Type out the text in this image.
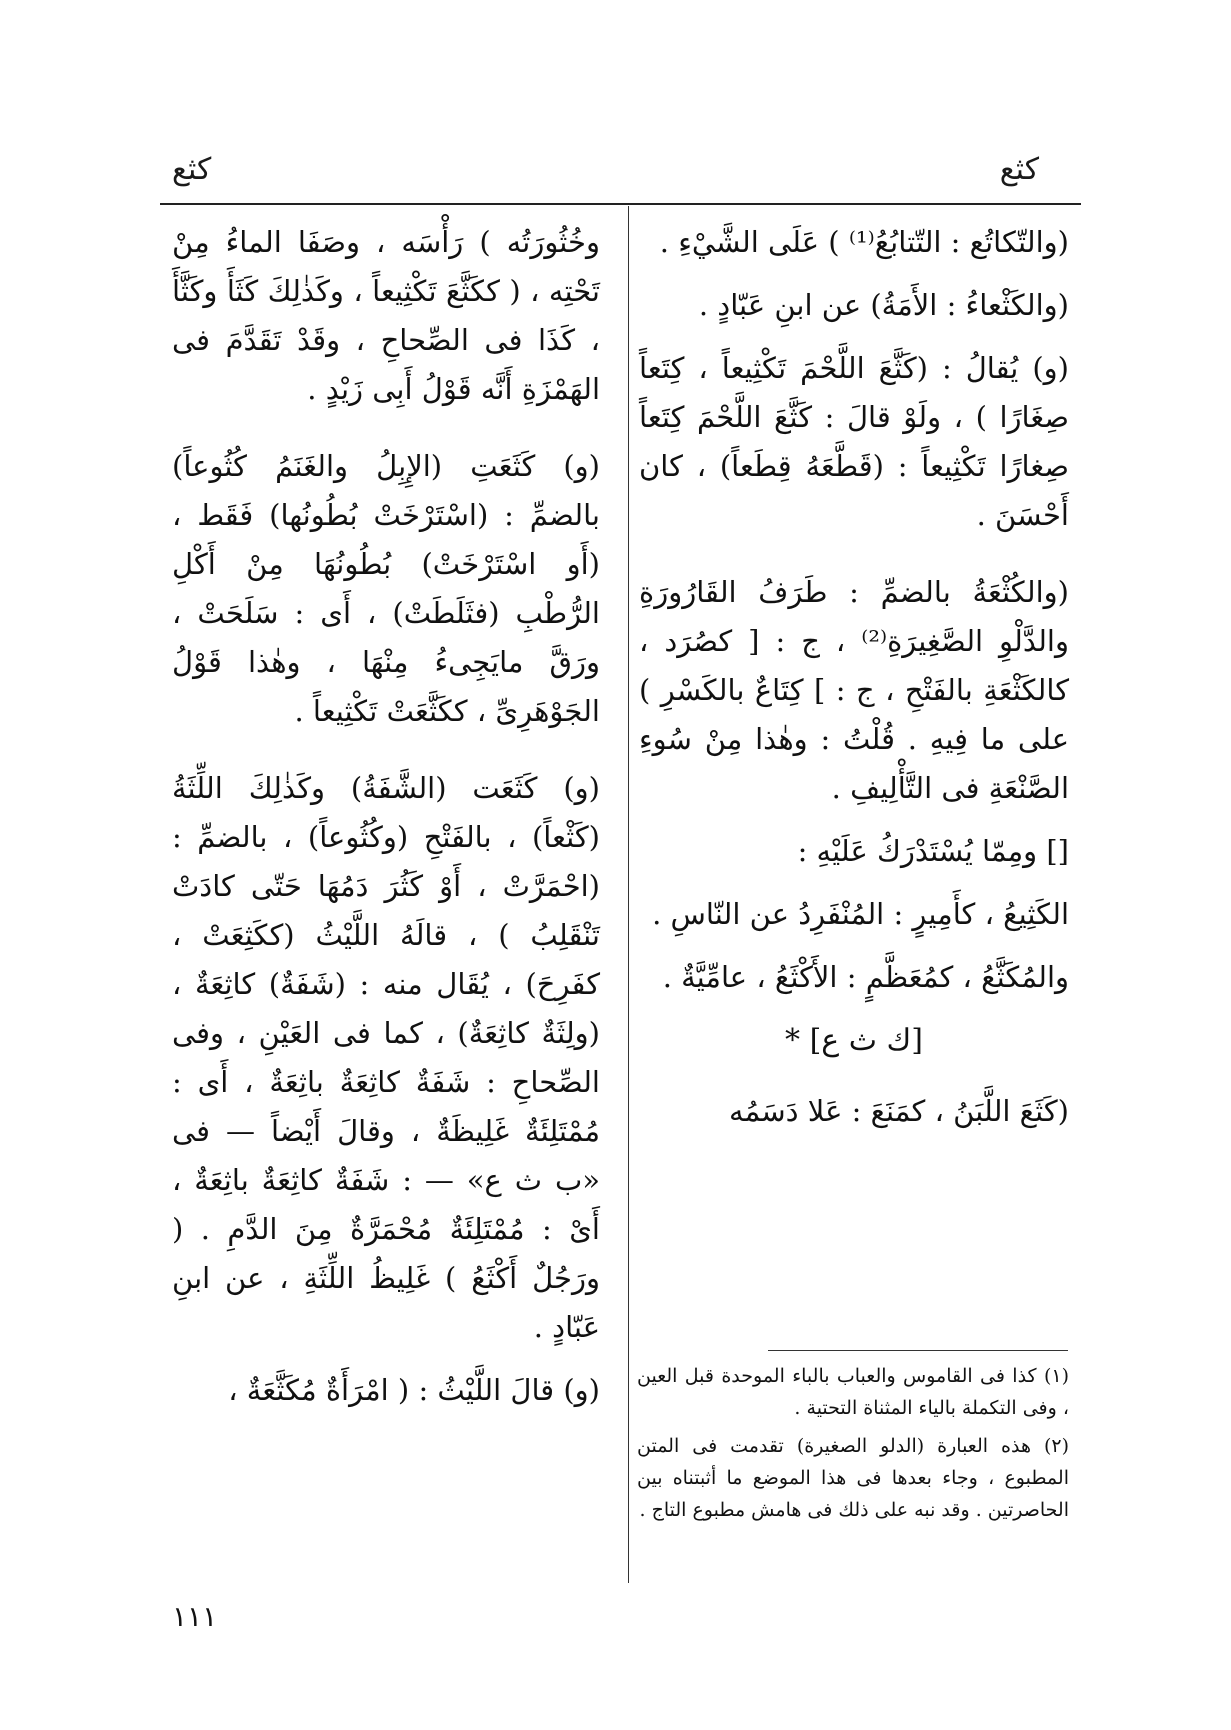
كثع
كثع

(والتّكاتُع : التّتابُعُ⁽¹⁾ ) عَلَى الشَّيْءِ .

(والكَثْعاءُ : الأَمَةُ) عن ابنِ عَبّادٍ .

(و) يُقالُ : (كَثَّعَ اللَّحْمَ تَكْثِيعاً ، كِتَعاً صِغَارًا ) ، ولَوْ قالَ : كَثَّعَ اللَّحْمَ كِتَعاً صِغارًا تَكْثِيعاً : (قَطَّعَهُ قِطَعاً) ، كان أَحْسَنَ .

(والكُثْعَةُ بالضمِّ : طَرَفُ القَارُورَةِ والدَّلْوِ الصَّغِيرَةِ⁽²⁾ ، ج : [ كصُرَد ، كالكَثْعَةِ بالفَتْحِ ، ج : ] كِتَاعٌ بالكَسْرِ ) على ما فِيهِ . قُلْتُ : وهٰذا مِنْ سُوءِ الصَّنْعَةِ فى التَّأْلِيفِ .

[] ومِمّا يُسْتَدْرَكُ عَلَيْهِ :

الكَثِيعُ ، كأَمِيرٍ : المُنْفَرِدُ عن النّاسِ .

والمُكَثَّعُ ، كمُعَظَّمٍ : الأَكْثَعُ ، عامِّيَّةٌ .

[ك ث ع] *

(كَثَعَ اللَّبَنُ ، كمَنَعَ : عَلا دَسَمُه

وخُثُورَتُه ) رَأْسَه ، وصَفَا الماءُ مِنْ تَحْتِه ، ( ككَثَّعَ تَكْثِيعاً ، وكَذٰلِكَ كَثَأَ وكَثَّأَ ، كَذَا فى الصِّحاحِ ، وقَدْ تَقَدَّمَ فى الهَمْزَةِ أَنَّه قَوْلُ أَبِى زَيْدٍ .

(و) كَثَعَتِ (الإِبِلُ والغَنَمُ كُثُوعاً) بالضمِّ : (اسْتَرْخَتْ بُطُونُها) فَقَط ، (أَو اسْتَرْخَتْ) بُطُونُهَا مِنْ أَكْلِ الرُّطْبِ (فثَلَطَتْ) ، أَى : سَلَحَتْ ، ورَقَّ مايَجِىءُ مِنْهَا ، وهٰذا قَوْلُ الجَوْهَرِىِّ ، ككَثَّعَتْ تَكْثِيعاً .

(و) كَثَعَت (الشَّفَةُ) وكَذٰلِكَ اللِّثَةُ (كَثْعاً) ، بالفَتْحِ (وكُثُوعاً) ، بالضمِّ : (احْمَرَّتْ ، أَوْ كَثُرَ دَمُهَا حَتّى كادَتْ تَنْقَلِبُ ) ، قالَهُ اللَّيْثُ (ككَثِعَتْ ، كفَرِحَ) ، يُقَال منه : (شَفَةٌ) كاثِعَةٌ ، (ولِثَةٌ كاثِعَةٌ) ، كما فى العَيْنِ ، وفى الصِّحاحِ : شَفَةٌ كاثِعَةٌ باثِعَةٌ ، أَى : مُمْتَلِئَةٌ غَلِيظَةٌ ، وقالَ أَيْضاً — فى «ب ث ع» — : شَفَةٌ كاثِعَةٌ باثِعَةٌ ، أَىْ : مُمْتَلِئَةٌ مُحْمَرَّةٌ مِنَ الدَّمِ . ( ورَجُلٌ أَكْثَعُ ) غَلِيظُ اللِّثَةِ ، عن ابنِ عَبّادٍ .

(و) قالَ اللَّيْثُ : ( امْرَأَةٌ مُكَثَّعَةٌ ، (١) كذا فى القاموس والعباب بالباء الموحدة قبل العين ، وفى التكملة بالياء المثناة التحتية .

(٢) هذه العبارة (الدلو الصغيرة) تقدمت فى المتن المطبوع ، وجاء بعدها فى هذا الموضع ما أثبتناه بين الحاصرتين . وقد نبه على ذلك فى هامش مطبوع التاج .

١١١
